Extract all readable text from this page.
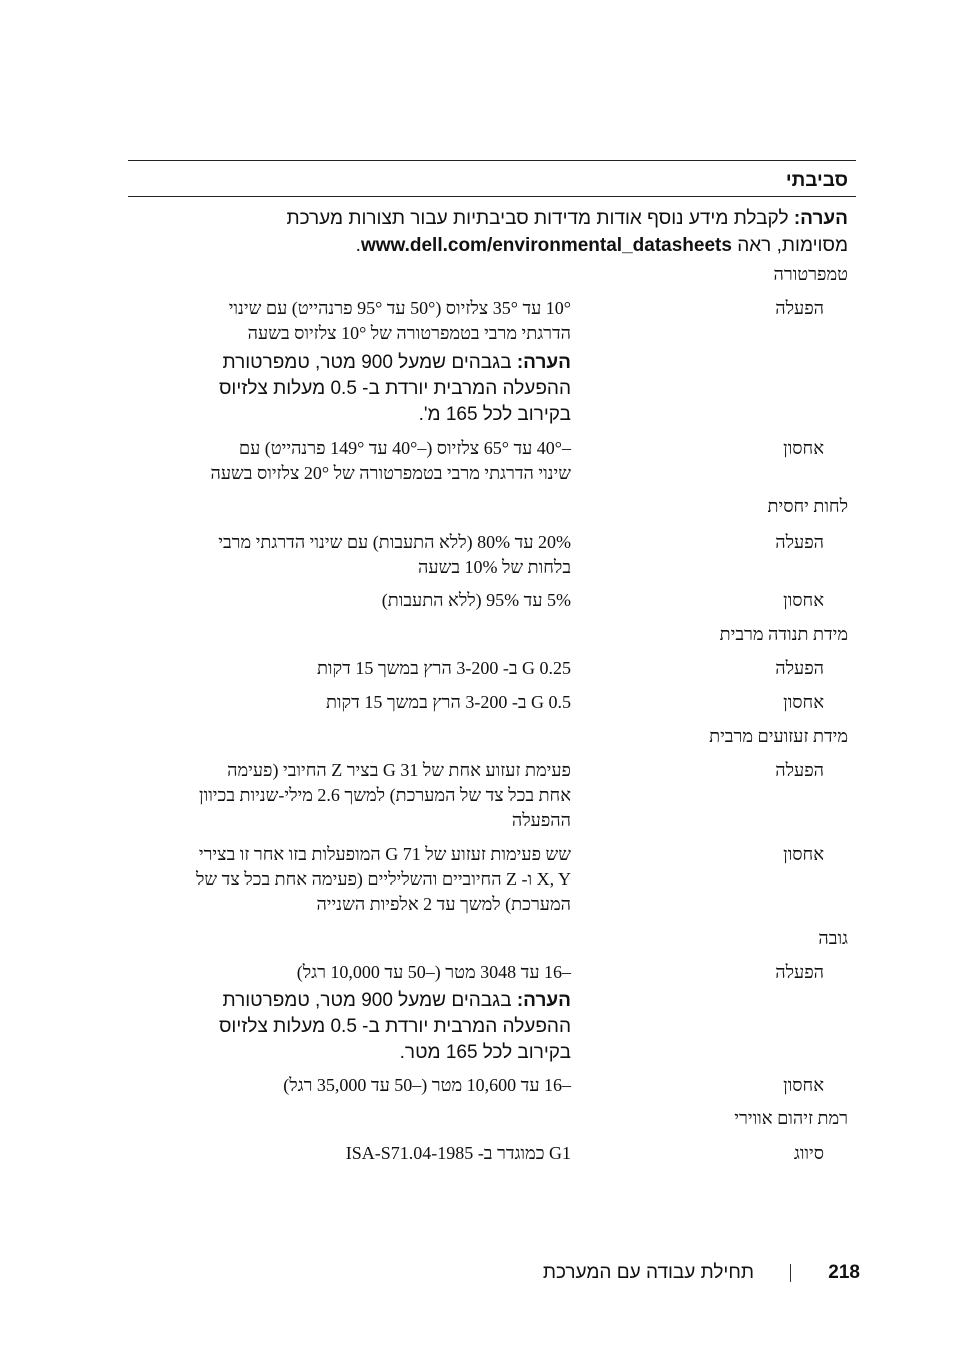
סביבתי
הערה: לקבלת מידע נוסף אודות מדידות סביבתיות עבור תצורות מערכת
מסוימות, ראה www.dell.com/environmental_datasheets.
טמפרטורה
הפעלה
10° עד 35° צלזיוס (50° עד 95° פרנהייט) עם שינוי
הדרגתי מרבי בטמפרטורה של 10° צלזיוס בשעה
הערה: בגבהים שמעל 900 מטר, טמפרטורת
ההפעלה המרבית יורדת ב- 0.5 מעלות צלזיוס
בקירוב לכל 165 מ'.
אחסון
–40° עד 65° צלזיוס (–40° עד 149° פרנהייט) עם
שינוי הדרגתי מרבי בטמפרטורה של 20° צלזיוס בשעה
לחות יחסית
הפעלה
20% עד 80% (ללא התעבות) עם שינוי הדרגתי מרבי
בלחות של 10% בשעה
אחסון
5% עד 95% (ללא התעבות)
מידת תנודה מרבית
הפעלה
0.25 G ב- 3-200 הרץ במשך 15 דקות
אחסון
0.5 G ב- 3-200 הרץ במשך 15 דקות
מידת זעזועים מרבית
הפעלה
פעימת זעזוע אחת של 31 G בציר Z החיובי (פעימה
אחת בכל צד של המערכת) למשך 2.6 מילי-שניות בכיוון
ההפעלה
אחסון
שש פעימות זעזוע של 71 G המופעלות בזו אחר זו בצירי
X, Y ו- Z החיוביים והשליליים (פעימה אחת בכל צד של
המערכת) למשך עד 2 אלפיות השנייה
גובה
הפעלה
–16 עד 3048 מטר (–50 עד 10,000 רגל)
הערה: בגבהים שמעל 900 מטר, טמפרטורת
ההפעלה המרבית יורדת ב- 0.5 מעלות צלזיוס
בקירוב לכל 165 מטר.
אחסון
–16 עד 10,600 מטר (–50 עד 35,000 רגל)
רמת זיהום אווירי
סיווג
G1 כמוגדר ב- ISA-S71.04-1985
218
תחילת עבודה עם המערכת
